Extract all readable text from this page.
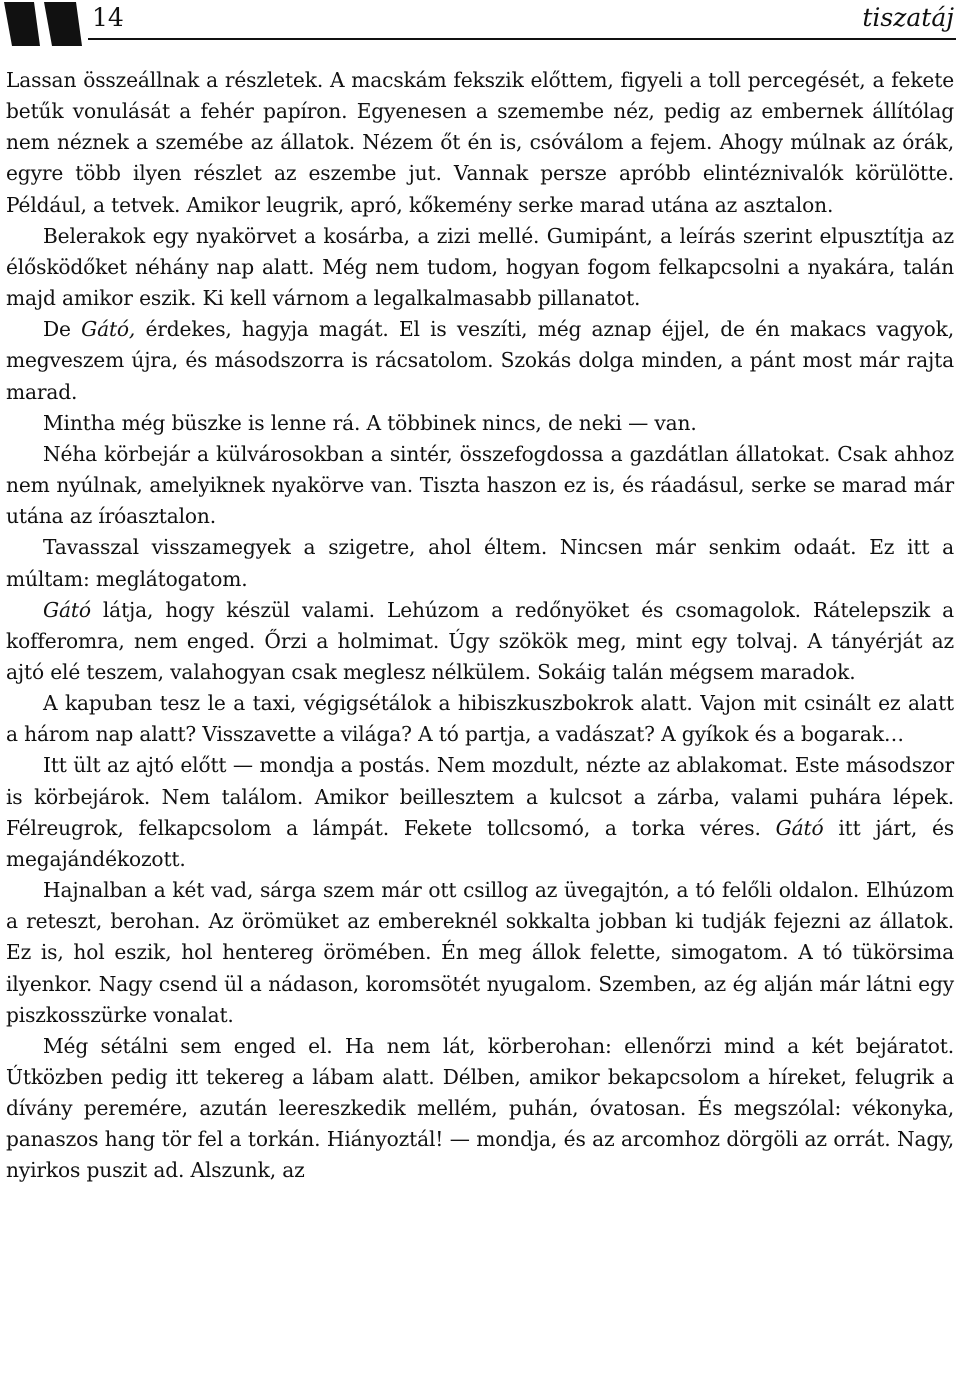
14	tiszatáj

Lassan összeállnak a részletek. A macskám fekszik előttem, figyeli a toll percegését, a fekete betűk vonulását a fehér papíron. Egyenesen a szemembe néz, pedig az embernek állítólag nem néznek a szemébe az állatok. Nézem őt én is, csóválom a fejem. Ahogy múlnak az órák, egyre több ilyen részlet az eszembe jut. Vannak persze apróbb elintéznivalók körülötte. Például, a tetvek. Amikor leugrik, apró, kőkemény serke marad utána az asztalon.

Belerakok egy nyakörvet a kosárba, a zizi mellé. Gumipánt, a leírás szerint elpusztítja az élősködőket néhány nap alatt. Még nem tudom, hogyan fogom felkapcsolni a nyakára, talán majd amikor eszik. Ki kell várnom a legalkalmasabb pillanatot.

De Gátó, érdekes, hagyja magát. El is veszíti, még aznap éjjel, de én makacs vagyok, megveszem újra, és másodszorra is rácsatolom. Szokás dolga minden, a pánt most már rajta marad.

Mintha még büszke is lenne rá. A többinek nincs, de neki — van.

Néha körbejár a külvárosokban a sintér, összefogdossa a gazdátlan állatokat. Csak ahhoz nem nyúlnak, amelyiknek nyakörve van. Tiszta haszon ez is, és ráadásul, serke se marad már utána az íróasztalon.

Tavasszal visszamegyek a szigetre, ahol éltem. Nincsen már senkim odaát. Ez itt a múltam: meglátogatom.

Gátó látja, hogy készül valami. Lehúzom a redőnyöket és csomagolok. Rátelepszik a kofferomra, nem enged. Őrzi a holmimat. Úgy szökök meg, mint egy tolvaj. A tányérját az ajtó elé teszem, valahogyan csak meglesz nélkülem. Sokáig talán mégsem maradok.

A kapuban tesz le a taxi, végigsétálok a hibiszkuszbokrok alatt. Vajon mit csinált ez alatt a három nap alatt? Visszavette a világa? A tó partja, a vadászat? A gyíkok és a bogarak…

Itt ült az ajtó előtt — mondja a postás. Nem mozdult, nézte az ablakomat. Este másodszor is körbejárok. Nem találom. Amikor beillesztem a kulcsot a zárba, valami puhára lépek. Félreugrok, felkapcsolom a lámpát. Fekete tollcsomó, a torka véres. Gátó itt járt, és megajándékozott.

Hajnalban a két vad, sárga szem már ott csillog az üvegajtón, a tó felőli oldalon. Elhúzom a reteszt, berohan. Az örömüket az embereknél sokkalta jobban ki tudják fejezni az állatok. Ez is, hol eszik, hol hentereg örömében. Én meg állok felette, simogatom. A tó tükörsima ilyenkor. Nagy csend ül a nádason, koromsötét nyugalom. Szemben, az ég alján már látni egy piszkosszürke vonalat.

Még sétálni sem enged el. Ha nem lát, körberohan: ellenőrzi mind a két bejáratot. Útközben pedig itt tekereg a lábam alatt. Délben, amikor bekapcsolom a híreket, felugrik a dívány peremére, azután leereszkedik mellém, puhán, óvatosan. És megszólal: vékonyka, panaszos hang tör fel a torkán. Hiányoztál! — mondja, és az arcomhoz dörgöli az orrát. Nagy, nyirkos puszit ad. Alszunk, az
